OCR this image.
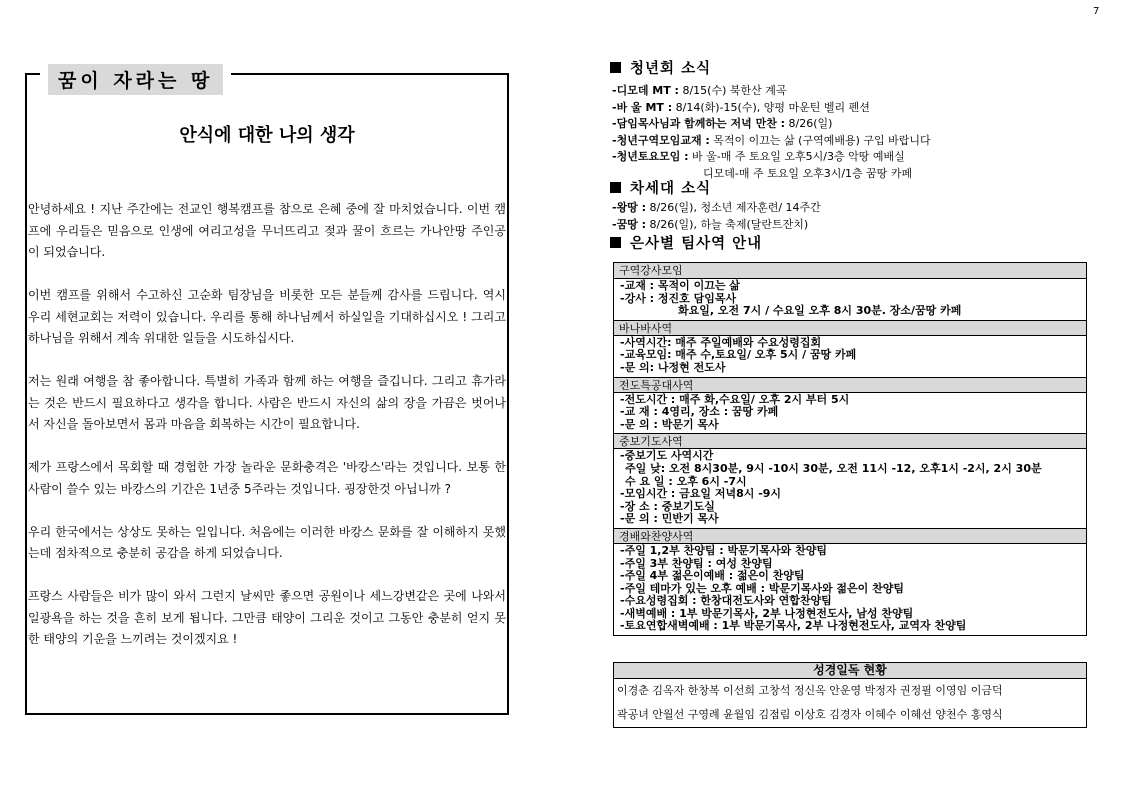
7
꿈이 자라는 땅
안식에 대한 나의 생각

안녕하세요 ! 지난 주간에는 전교인 행복캠프를 참으로 은혜 중에 잘 마치었습니다. 이번 캠프에 우리들은 믿음으로 인생에 여리고성을 무너뜨리고 젖과 꿀이 흐르는 가나안땅 주인공이 되었습니다.

이번 캠프를 위해서 수고하신 고순화 팀장님을 비롯한 모든 분들께 감사를 드립니다. 역시 우리 세현교회는 저력이 있습니다. 우리를 통해 하나님께서 하실일을 기대하십시오 ! 그리고 하나님을 위해서 계속 위대한 일들을 시도하십시다.

저는 원래 여행을 참 좋아합니다. 특별히 가족과 함께 하는 여행을 즐깁니다. 그리고 휴가라는 것은 반드시 필요하다고 생각을 합니다. 사람은 반드시 자신의 삶의 장을 가끔은 벗어나서 자신을 돌아보면서 몸과 마음을 회복하는 시간이 필요합니다.

제가 프랑스에서 목회할 때 경험한 가장 놀라운 문화충격은 '바캉스'라는 것입니다. 보통 한사람이 쓸수 있는 바캉스의 기간은 1년중 5주라는 것입니다. 굉장한것 아닙니까 ?

우리 한국에서는 상상도 못하는 일입니다. 처음에는 이러한 바캉스 문화를 잘 이해하지 못했는데 점차적으로 충분히 공감을 하게 되었습니다.

프랑스 사람들은 비가 많이 와서 그런지 날씨만 좋으면 공원이나 세느강변같은 곳에 나와서 일광욕을 하는 것을 흔히 보게 됩니다. 그만큼 태양이 그리운 것이고 그동안 충분히 얻지 못한 태양의 기운을 느끼려는 것이겠지요 !

청년회 소식
-디모데 MT : 8/15(수) 북한산 계곡
-바 울 MT : 8/14(화)-15(수), 양평 마운틴 벨리 펜션
-담임목사님과 함께하는 저녁 만찬 : 8/26(일)
-청년구역모임교재 : 목적이 이끄는 삶 (구역예배용) 구입 바랍니다
-청년토요모임 : 바 울-매 주 토요일 오후5시/3층 악땅 예배실
디모데-매 주 토요일 오후3시/1층 꿈땅 카페
차세대 소식
-왕땅 : 8/26(일), 청소년 제자훈련/ 14주간
-꿈땅 : 8/26(일), 하늘 축제(달란트잔치)
은사별 팀사역 안내
구역강사모임
-교재 : 목적이 이끄는 삶
-강사 : 정진호 담임목사
화요일, 오전 7시 / 수요일 오후 8시 30분. 장소/꿈땅 카페
바나바사역
-사역시간: 매주 주일예배와 수요성령집회
-교육모임: 매주 수,토요일/ 오후 5시 / 꿈땅 카페
-문 의: 나정현 전도사
전도특공대사역
-전도시간 : 매주 화,수요일/ 오후 2시 부터 5시
-교 재 : 4영리, 장소 : 꿈땅 카페
-문 의 : 박문기 목사
중보기도사역
-중보기도 사역시간
주일 낮: 오전 8시30분, 9시 -10시 30분, 오전 11시 -12, 오후1시 -2시, 2시 30분
수 요 일 : 오후 6시 -7시
-모임시간 : 금요일 저녁8시 -9시
-장 소 : 중보기도실
-문 의 : 민반기 목사
경배와찬양사역
-주일 1,2부 찬양팀 : 박문기목사와 찬양팀
-주일 3부 찬양팀 : 여성 찬양팀
-주일 4부 젊은이예배 : 젊은이 찬양팀
-주일 테마가 있는 오후 예배 : 박문기목사와 젊은이 찬양팀
-수요성령집회 : 한창대전도사와 연합찬양팀
-새벽예배 : 1부 박문기목사, 2부 나정현전도사, 남성 찬양팀
-토요연합새벽예배 : 1부 박문기목사, 2부 나정현전도사, 교역자 찬양팀
성경일독 현황
이경춘 김옥자 한창복 이선희 고창석 정신옥 안운영 박정자 권정필 이영임 이금덕
곽공녀 안월선 구영례 윤월임 김점림 이상호 김경자 이혜수 이혜선 양천수 홍영식
